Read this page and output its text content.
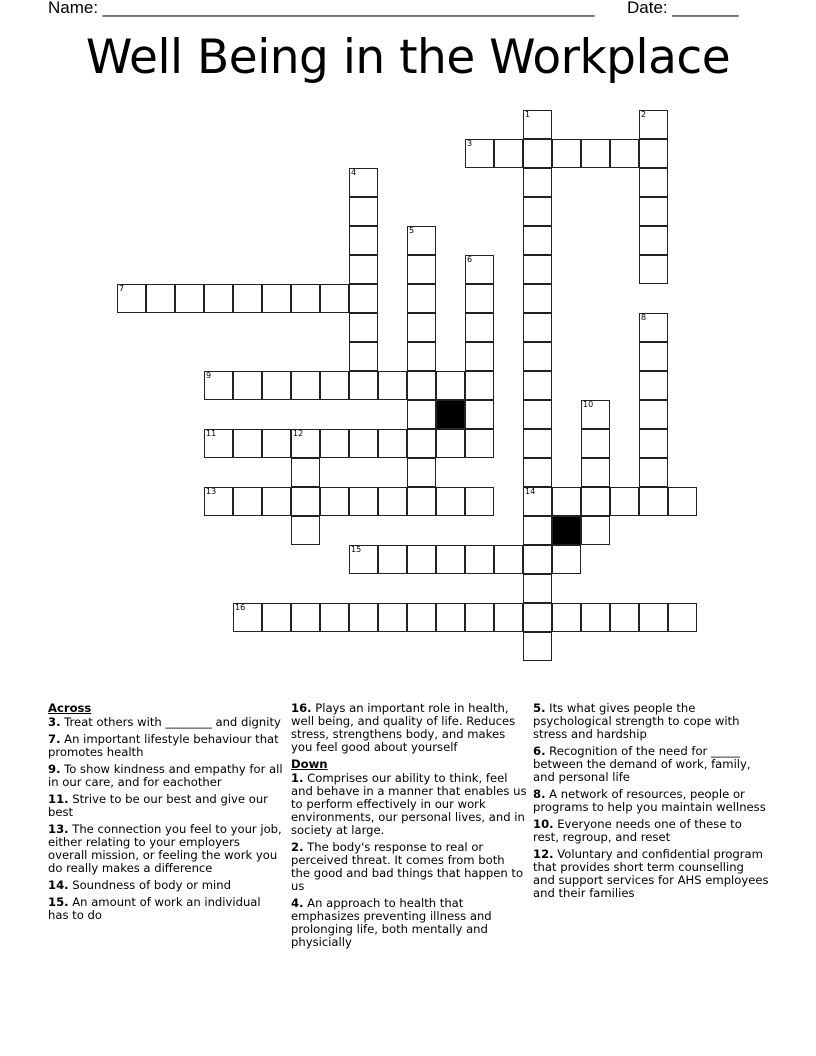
Name: ____________________________________________________ Date: _______
Well Being in the Workplace
1	2
3
4
5
6
7
8
9
10
11	12
13	14
15
16
Across
3. Treat others with ________ and dignity
7. An important lifestyle behaviour that promotes health
9. To show kindness and empathy for all in our care, and for eachother
11. Strive to be our best and give our best
13. The connection you feel to your job, either relating to your employers overall mission, or feeling the work you do really makes a difference
14. Soundness of body or mind
15. An amount of work an individual has to do
16. Plays an important role in health, well being, and quality of life. Reduces stress, strengthens body, and makes you feel good about yourself
Down
1. Comprises our ability to think, feel and behave in a manner that enables us to perform effectively in our work environments, our personal lives, and in society at large.
2. The body's response to real or perceived threat. It comes from both the good and bad things that happen to us
4. An approach to health that emphasizes preventing illness and prolonging life, both mentally and physicially
5. Its what gives people the psychological strength to cope with stress and hardship
6. Recognition of the need for _____ between the demand of work, family, and personal life
8. A network of resources, people or programs to help you maintain wellness
10. Everyone needs one of these to rest, regroup, and reset
12. Voluntary and confidential program that provides short term counselling and support services for AHS employees and their families
